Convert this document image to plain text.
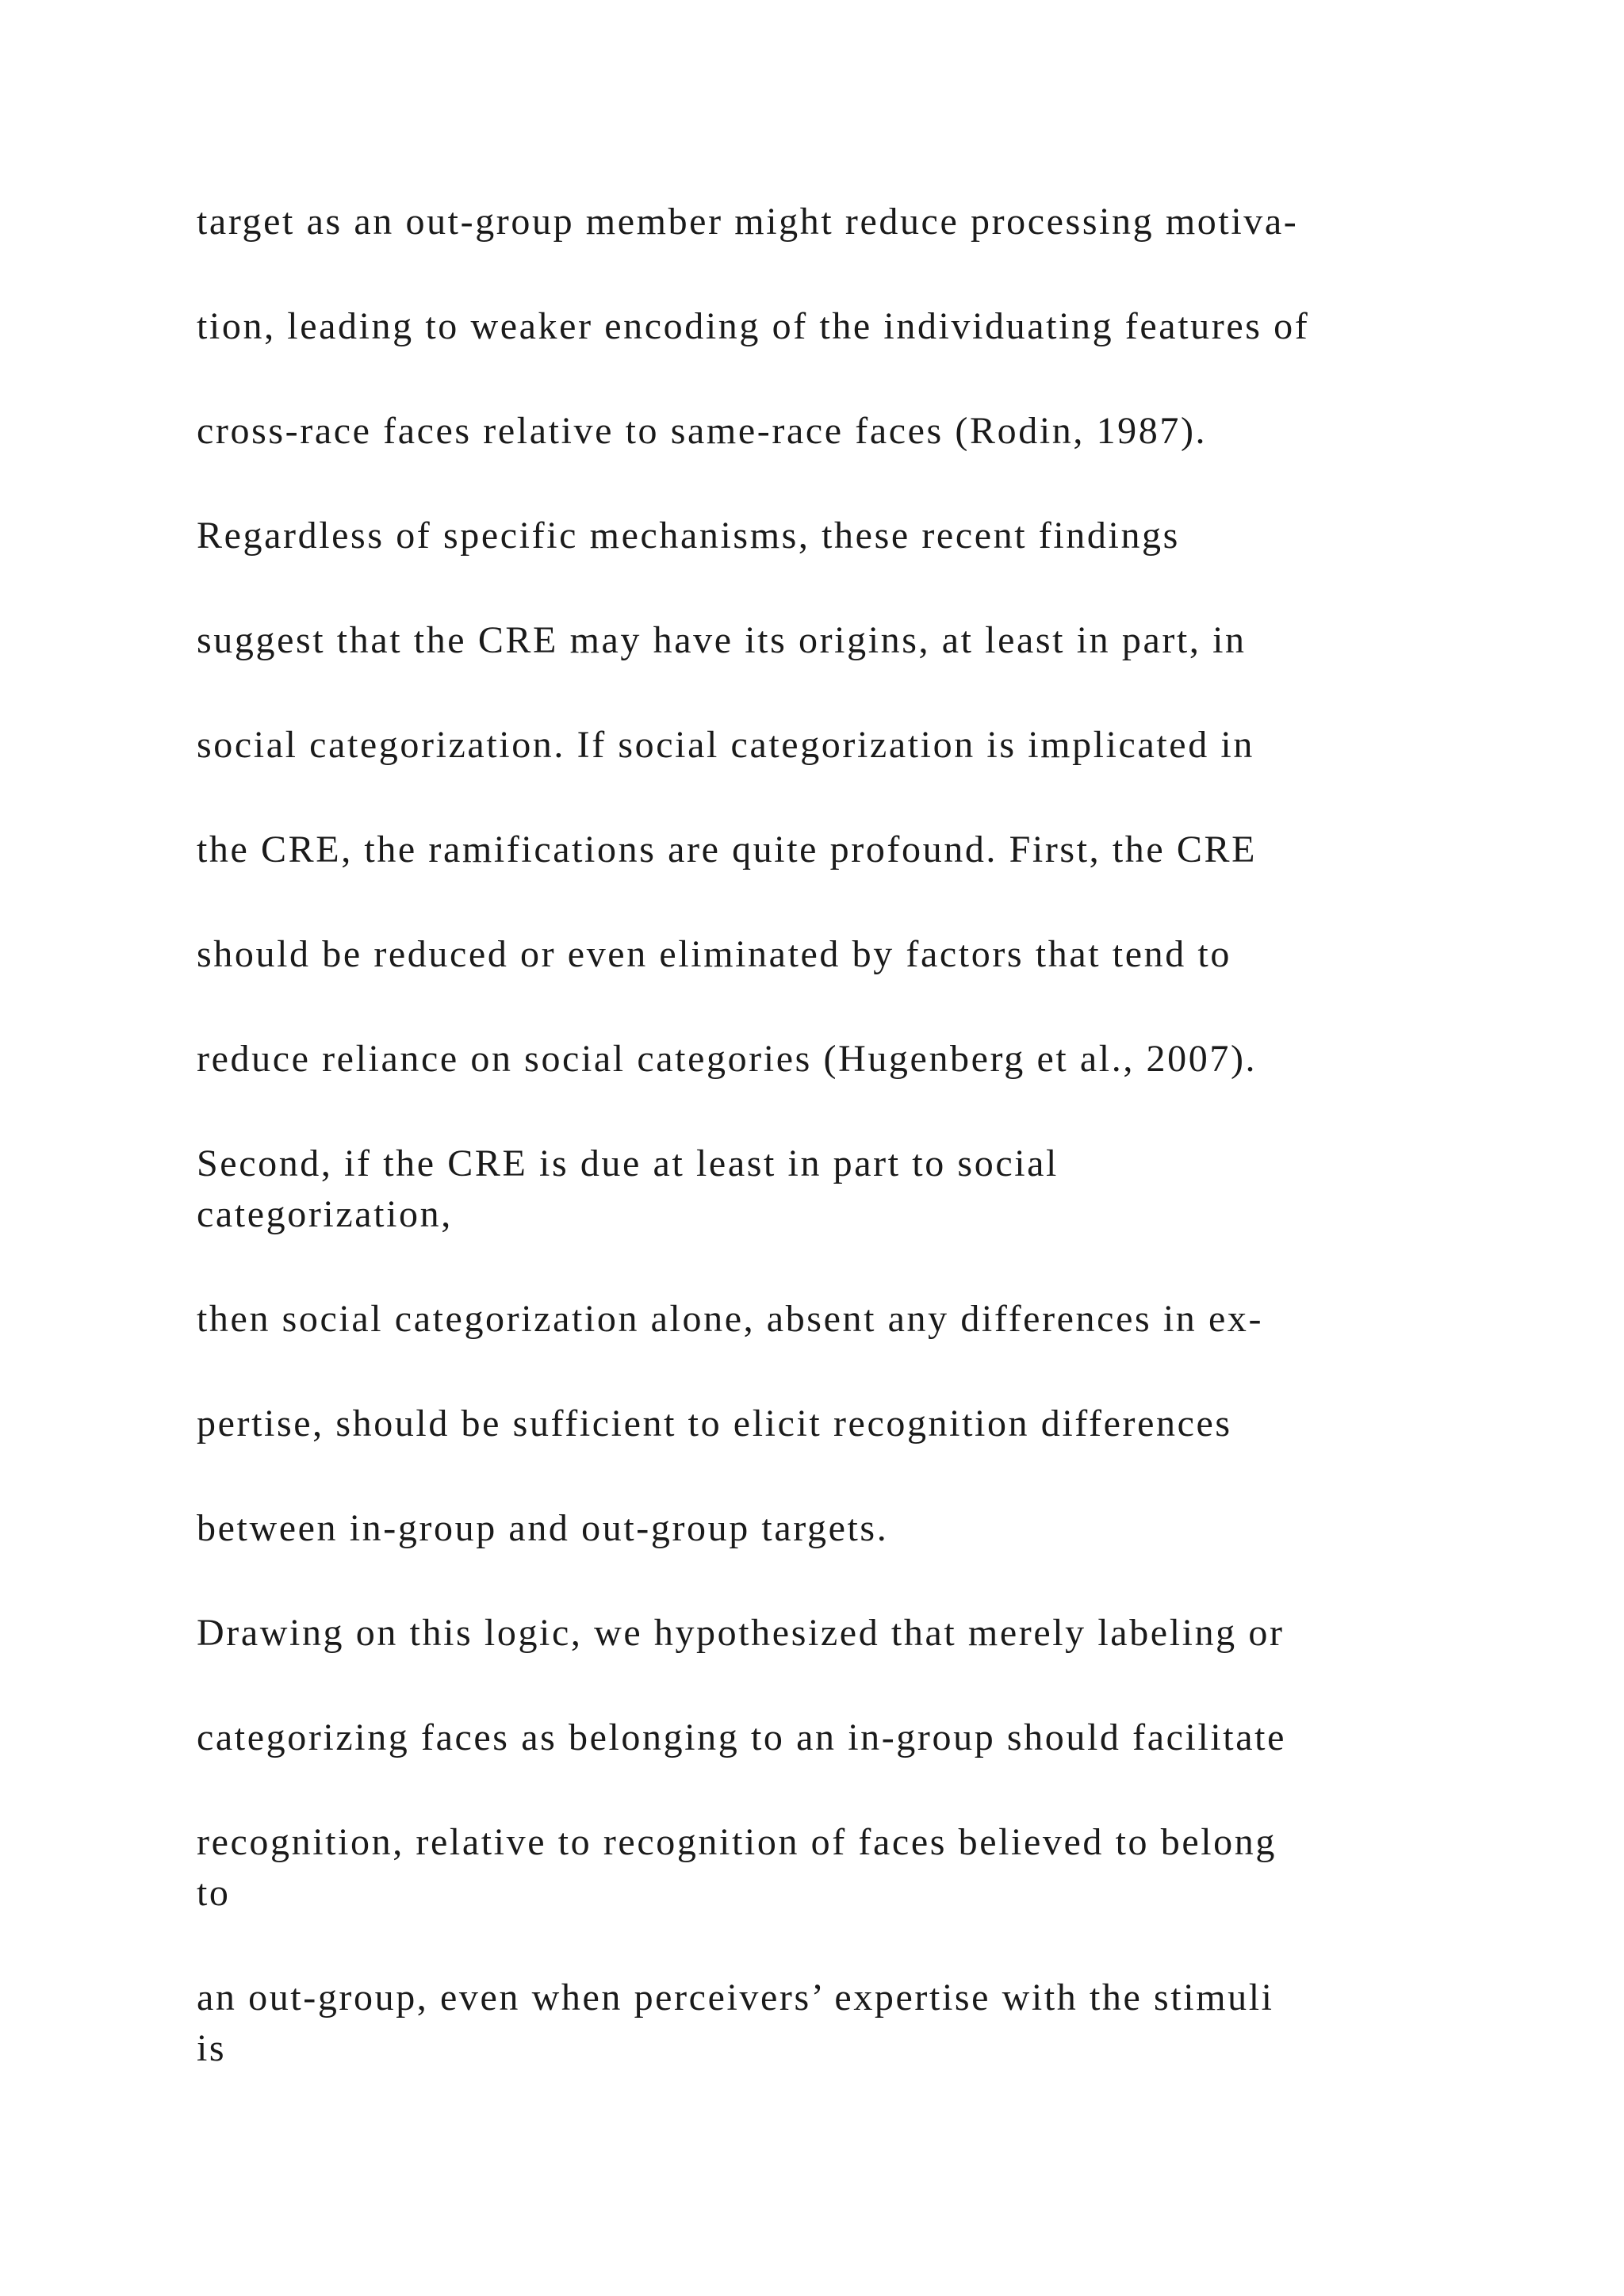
target as an out-group member might reduce processing motiva-

tion, leading to weaker encoding of the individuating features of

cross-race faces relative to same-race faces (Rodin, 1987).

Regardless of specific mechanisms, these recent findings

suggest that the CRE may have its origins, at least in part, in

social categorization. If social categorization is implicated in

the CRE, the ramifications are quite profound. First, the CRE

should be reduced or even eliminated by factors that tend to

reduce reliance on social categories (Hugenberg et al., 2007).

Second, if the CRE is due at least in part to social

categorization,

then social categorization alone, absent any differences in ex-

pertise, should be sufficient to elicit recognition differences

between in-group and out-group targets.

Drawing on this logic, we hypothesized that merely labeling or

categorizing faces as belonging to an in-group should facilitate

recognition, relative to recognition of faces believed to belong

to

an out-group, even when perceivers’ expertise with the stimuli

is
